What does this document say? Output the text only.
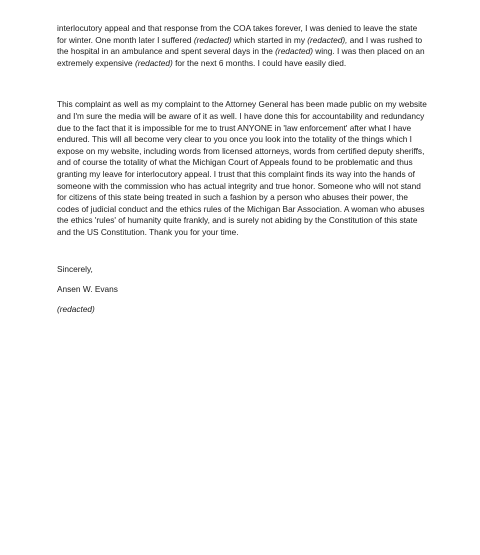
interlocutory appeal and that response from the COA takes forever, I was denied to leave the state for winter. One month later I suffered (redacted) which started in my (redacted), and I was rushed to the hospital in an ambulance and spent several days in the (redacted) wing. I was then placed on an extremely expensive (redacted) for the next 6 months. I could have easily died.

This complaint as well as my complaint to the Attorney General has been made public on my website and I'm sure the media will be aware of it as well. I have done this for accountability and redundancy due to the fact that it is impossible for me to trust ANYONE in 'law enforcement' after what I have endured. This will all become very clear to you once you look into the totality of the things which I expose on my website, including words from licensed attorneys, words from certified deputy sheriffs, and of course the totality of what the Michigan Court of Appeals found to be problematic and thus granting my leave for interlocutory appeal. I trust that this complaint finds its way into the hands of someone with the commission who has actual integrity and true honor. Someone who will not stand for citizens of this state being treated in such a fashion by a person who abuses their power, the codes of judicial conduct and the ethics rules of the Michigan Bar Association. A woman who abuses the ethics 'rules' of humanity quite frankly, and is surely not abiding by the Constitution of this state and the US Constitution. Thank you for your time.

Sincerely,

Ansen W. Evans

(redacted)
